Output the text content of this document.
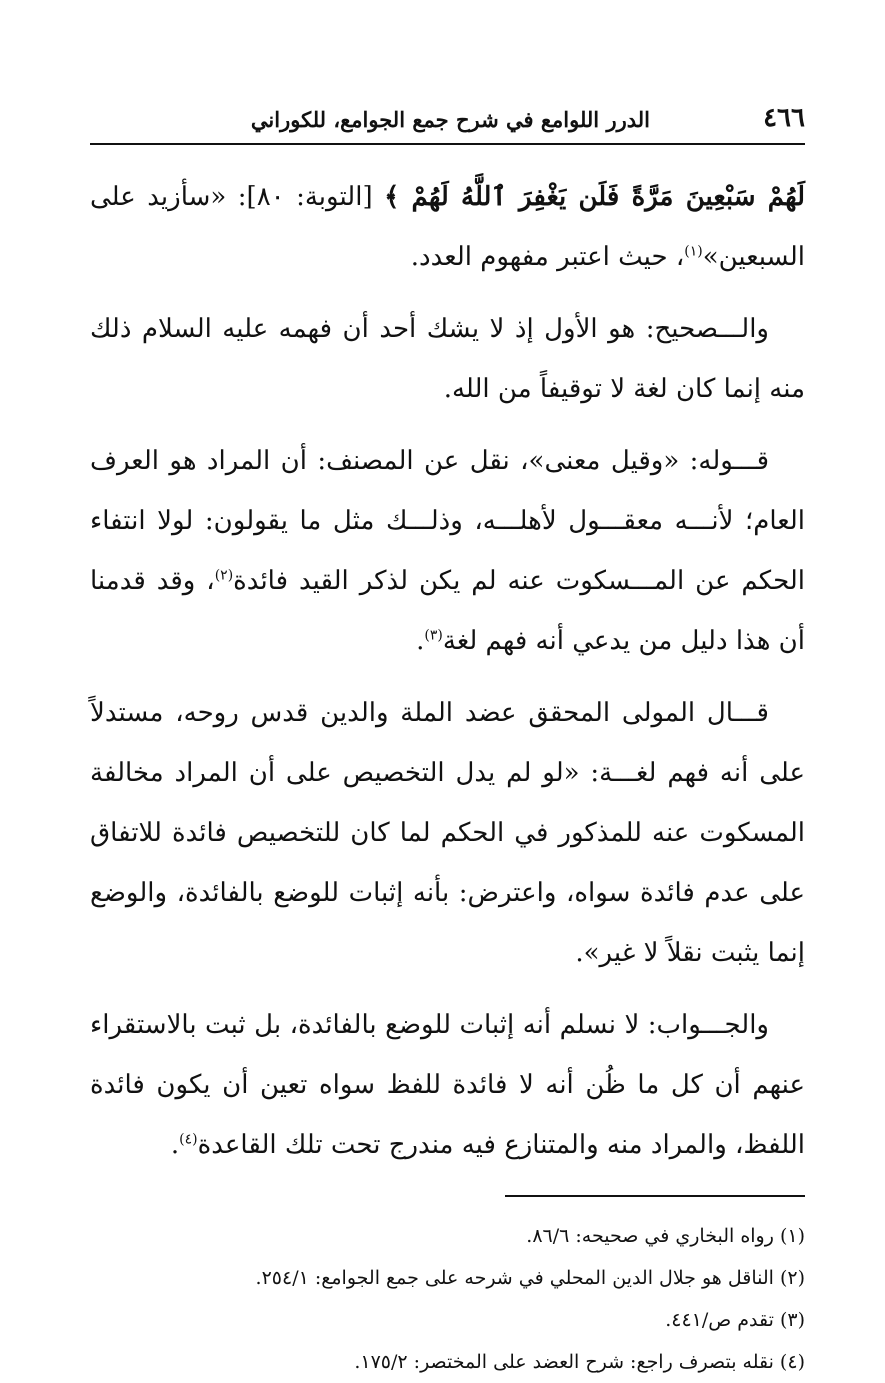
٤٦٦
الدرر اللوامع في شرح جمع الجوامع، للكوراني

لَهُمْ سَبْعِينَ مَرَّةً فَلَن يَغْفِرَ ٱللَّهُ لَهُمْ ﴾ [التوبة: ٨٠]: «سأزيد على السبعين»$^{(١)}$، حيث اعتبر مفهوم العدد.

والـــصحيح: هو الأول إذ لا يشك أحد أن فهمه عليه السلام ذلك منه إنما كان لغة لا توقيفاً من الله.

قـــوله: «وقيل معنى»، نقل عن المصنف: أن المراد هو العرف العام؛ لأنـــه معقـــول لأهلـــه، وذلـــك مثل ما يقولون: لولا انتفاء الحكم عن المـــسكوت عنه لم يكن لذكر القيد فائدة$^{(٢)}$، وقد قدمنا أن هذا دليل من يدعي أنه فهم لغة$^{(٣)}$.

قـــال المولى المحقق عضد الملة والدين قدس روحه، مستدلاً على أنه فهم لغـــة: «لو لم يدل التخصيص على أن المراد مخالفة المسكوت عنه للمذكور في الحكم لما كان للتخصيص فائدة للاتفاق على عدم فائدة سواه، واعترض: بأنه إثبات للوضع بالفائدة، والوضع إنما يثبت نقلاً لا غير».

والجـــواب: لا نسلم أنه إثبات للوضع بالفائدة، بل ثبت بالاستقراء عنهم أن كل ما ظُن أنه لا فائدة للفظ سواه تعين أن يكون فائدة اللفظ، والمراد منه والمتنازع فيه مندرج تحت تلك القاعدة$^{(٤)}$.

(١) رواه البخاري في صحيحه: ٨٦/٦.

(٢) الناقل هو جلال الدين المحلي في شرحه على جمع الجوامع: ٢٥٤/١.

(٣) تقدم ص/٤٤١.

(٤) نقله بتصرف راجع: شرح العضد على المختصر: ١٧٥/٢.
